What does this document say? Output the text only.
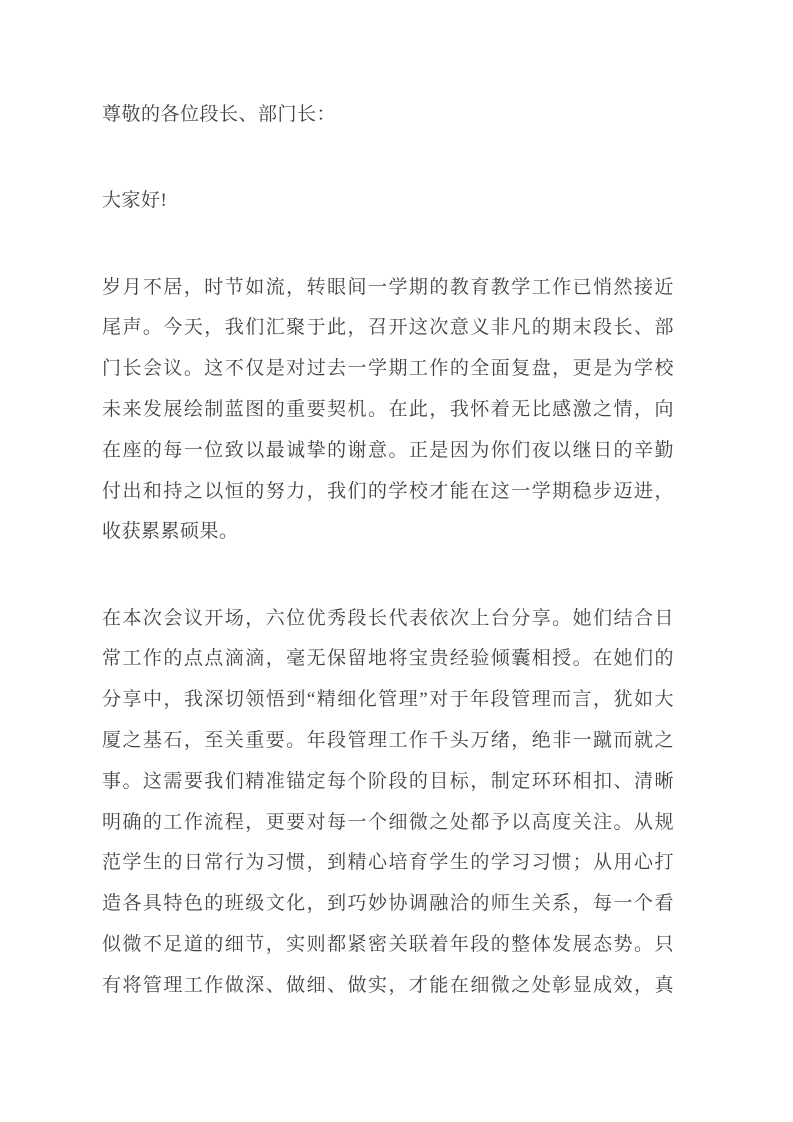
尊敬的各位段长、部门长：
大家好!
岁月不居，时节如流，转眼间一学期的教育教学工作已悄然接近
尾声。今天，我们汇聚于此，召开这次意义非凡的期末段长、部
门长会议。这不仅是对过去一学期工作的全面复盘，更是为学校
未来发展绘制蓝图的重要契机。在此，我怀着无比感激之情，向
在座的每一位致以最诚挚的谢意。正是因为你们夜以继日的辛勤
付出和持之以恒的努力，我们的学校才能在这一学期稳步迈进，
收获累累硕果。
在本次会议开场，六位优秀段长代表依次上台分享。她们结合日
常工作的点点滴滴，毫无保留地将宝贵经验倾囊相授。在她们的
分享中，我深切领悟到“精细化管理”对于年段管理而言，犹如大
厦之基石，至关重要。年段管理工作千头万绪，绝非一蹴而就之
事。这需要我们精准锚定每个阶段的目标，制定环环相扣、清晰
明确的工作流程，更要对每一个细微之处都予以高度关注。从规
范学生的日常行为习惯，到精心培育学生的学习习惯；从用心打
造各具特色的班级文化，到巧妙协调融洽的师生关系，每一个看
似微不足道的细节，实则都紧密关联着年段的整体发展态势。只
有将管理工作做深、做细、做实，才能在细微之处彰显成效，真
